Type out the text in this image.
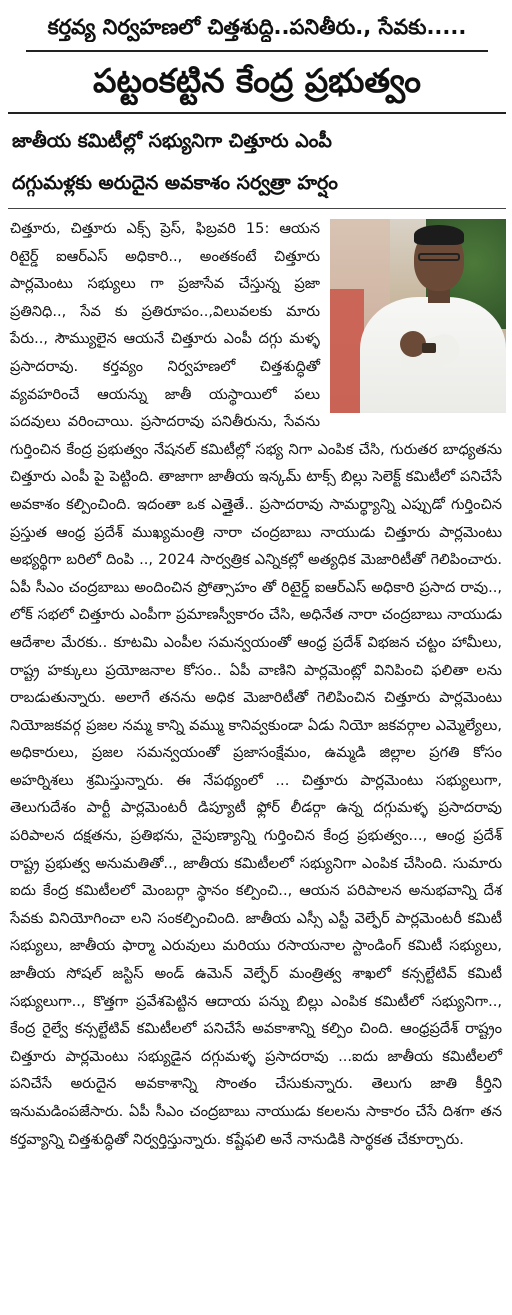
కర్తవ్య నిర్వహణలో చిత్తశుద్ధి..పనితీరు., సేవకు.....
పట్టంకట్టిన కేంద్ర ప్రభుత్వం
జాతీయ కమిటీల్లో సభ్యునిగా చిత్తూరు ఎంపీ
దగ్గుమళ్లకు అరుదైన అవకాశం సర్వత్రా హర్షం

చిత్తూరు, చిత్తూరు ఎక్స్ ప్రెస్, ఫిబ్రవరి 15: ఆయన రిటైర్డ్ ఐఆర్ఎస్ అధికారి.., అంతకంటే చిత్తూరు పార్లమెంటు సభ్యులు గా ప్రజాసేవ చేస్తున్న ప్రజా ప్రతినిధి.., సేవ కు ప్రతిరూపం..,విలువలకు మారు పేరు.., సౌమ్యులైన ఆయనే చిత్తూరు ఎంపీ దగ్గు మళ్ళ ప్రసాదరావు. కర్తవ్యం నిర్వహణలో చిత్తశుద్ధితో వ్యవహరించే ఆయన్ను జాతీ యస్థాయిలో పలు పదవులు వరించాయి. ప్రసాదరావు పనితీరును, సేవను గుర్తించిన కేంద్ర ప్రభుత్వం నేషనల్ కమిటీల్లో సభ్య నిగా ఎంపిక చేసి, గురుతర బాధ్యతను చిత్తూరు ఎంపీ పై పెట్టింది. తాజాగా జాతీయ ఇన్కమ్ టాక్స్ బిల్లు సెలెక్ట్ కమిటీలో పనిచేసే అవకాశం కల్పించింది. ఇదంతా ఒక ఎత్తైతే.. ప్రసాదరావు సామర్థ్యాన్ని ఎప్పుడో గుర్తించిన ప్రస్తుత ఆంధ్ర ప్రదేశ్ ముఖ్యమంత్రి నారా చంద్రబాబు నాయుడు చిత్తూరు పార్లమెంటు అభ్యర్థిగా బరిలో దింపి .., 2024 సార్వత్రిక ఎన్నికల్లో అత్యధిక మెజారిటీతో గెలిపించారు. ఏపీ సీఎం చంద్రబాబు అందించిన ప్రోత్సాహం తో రిటైర్డ్ ఐఆర్ఎస్ అధికారి ప్రసాద రావు.., లోక్ సభలో చిత్తూరు ఎంపీగా ప్రమాణస్వీకారం చేసి, అధినేత నారా చంద్రబాబు నాయుడు ఆదేశాల మేరకు.. కూటమి ఎంపీల సమన్వయంతో ఆంధ్ర ప్రదేశ్ విభజన చట్టం హామీలు, రాష్ట్ర హక్కులు ప్రయోజనాల కోసం.. ఏపీ వాణిని పార్లమెంట్లో వినిపించి ఫలితా లను రాబడుతున్నారు. అలాగే తనను అధిక మెజారిటీతో గెలిపించిన చిత్తూరు పార్లమెంటు నియోజకవర్గ ప్రజల నమ్మ కాన్ని వమ్ము కానివ్వకుండా ఏడు నియో జకవర్గాల ఎమ్మెల్యేలు, అధికారులు, ప్రజల సమన్వయంతో ప్రజాసంక్షేమం, ఉమ్మడి జిల్లాల ప్రగతి కోసం అహర్నిశలు శ్రమిస్తున్నారు. ఈ నేపథ్యంలో ... చిత్తూరు పార్లమెంటు సభ్యులుగా, తెలుగుదేశం పార్టీ పార్లమెంటరీ డిప్యూటీ ఫ్లోర్ లీడర్గా ఉన్న దగ్గుమళ్ళ ప్రసాదరావు పరిపాలన దక్షతను, ప్రతిభను, నైపుణ్యాన్ని గుర్తించిన కేంద్ర ప్రభుత్వం..., ఆంధ్ర ప్రదేశ్ రాష్ట్ర ప్రభుత్వ అనుమతితో.., జాతీయ కమిటీలలో సభ్యునిగా ఎంపిక చేసింది. సుమారు ఐదు కేంద్ర కమిటీలలో మెంబర్గా స్థానం కల్పించి.., ఆయన పరిపాలన అనుభవాన్ని దేశ సేవకు వినియోగించా లని సంకల్పించింది. జాతీయ ఎస్సీ ఎస్టీ వెల్ఫేర్ పార్లమెంటరీ కమిటీ సభ్యులు, జాతీయ ఫార్మా ఎరువులు మరియు రసాయనాల స్టాండింగ్ కమిటీ సభ్యులు, జాతీయ సోషల్ జస్టిస్ అండ్ ఉమెన్ వెల్ఫేర్ మంత్రిత్వ శాఖలో కన్సల్టేటివ్ కమిటీ సభ్యులుగా.., కొత్తగా ప్రవేశపెట్టిన ఆదాయ పన్ను బిల్లు ఎంపిక కమిటీలో సభ్యునిగా.., కేంద్ర రైల్వే కన్సల్టేటివ్ కమిటీలలో పనిచేసే అవకాశాన్ని కల్పిం చింది. ఆంధ్రప్రదేశ్ రాష్ట్రం చిత్తూరు పార్లమెంటు సభ్యుడైన దగ్గుమళ్ళ ప్రసాదరావు ...ఐదు జాతీయ కమిటీలలో పనిచేసే అరుదైన అవకాశాన్ని సొంతం చేసుకున్నారు. తెలుగు జాతి కీర్తిని ఇనుమడింపజేసారు. ఏపీ సీఎం చంద్రబాబు నాయుడు కలలను సాకారం చేసే దిశగా తన కర్తవ్యాన్ని చిత్తశుద్ధితో నిర్వర్తిస్తున్నారు. కష్టేఫలి అనే నానుడికి సార్థకత చేకూర్చారు.
